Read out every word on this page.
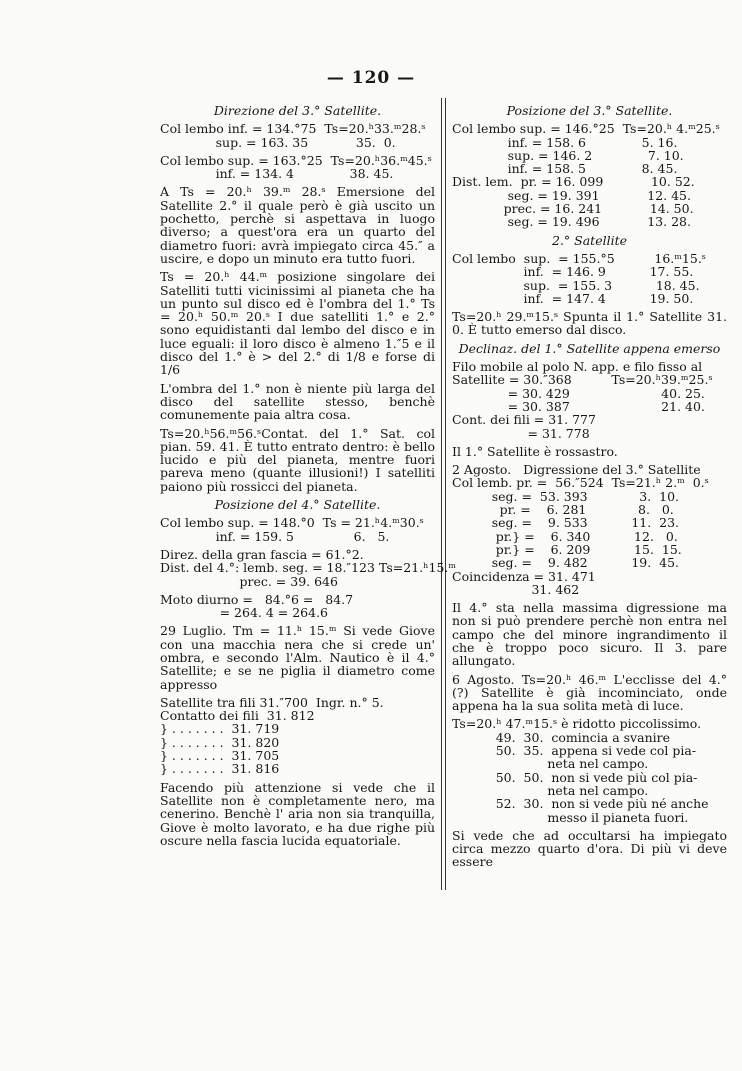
— 120 —
Direzione del 3.° Satellite.
Col lembo inf. = 134.°75  Ts=20.ʰ33.ᵐ28.ˢ
sup. = 163. 35            35.  0.
Col lembo sup. = 163.°25  Ts=20.ʰ36.ᵐ45.ˢ
inf. = 134. 4              38. 45.
A Ts = 20.ʰ 39.ᵐ 28.ˢ Emersione del Satellite 2.° il quale però è già uscito un pochetto, perchè si aspettava in luogo diverso; a quest'ora era un quarto del diametro fuori: avrà impiegato circa 45.″ a uscire, e dopo un minuto era tutto fuori.
Ts = 20.ʰ 44.ᵐ posizione singolare dei Satelliti tutti vicinissimi al pianeta che ha un punto sul disco ed è l'ombra del 1.° Ts = 20.ʰ 50.ᵐ 20.ˢ I due satelliti 1.° e 2.° sono equidistanti dal lembo del disco e in luce eguali: il loro disco è almeno 1.″5 e il disco del 1.° è > del 2.° di 1/8 e forse di 1/6
L'ombra del 1.° non è niente più larga del disco del satellite stesso, benchè comunemente paia altra cosa.
Ts=20.ʰ56.ᵐ56.ˢContat. del 1.° Sat. col pian. 59. 41. È tutto entrato dentro: è bello lucido e più del pianeta, mentre fuori pareva meno (quante illusioni!) I satelliti paiono più rossicci del pianeta.
Posizione del 4.° Satellite.
Col lembo sup. = 148.°0  Ts = 21.ʰ4.ᵐ30.ˢ
inf. = 159. 5               6.   5.
Direz. della gran fascia = 61.°2.
Dist. del 4.°: lemb. seg. = 18.″123 Ts=21.ʰ15.ᵐ
prec. = 39. 646
Moto diurno =   84.°6 =   84.7
= 264. 4 = 264.6
29 Luglio. Tm = 11.ʰ 15.ᵐ Si vede Giove con una macchia nera che si crede un' ombra, e secondo l'Alm. Nautico è il 4.° Satellite; e se ne piglia il diametro come appresso
Satellite tra fili 31.″700  Ingr. n.° 5.
Contatto dei fili  31. 812
} . . . . . . .  31. 719
} . . . . . . .  31. 820
} . . . . . . .  31. 705
} . . . . . . .  31. 816
Facendo più attenzione si vede che il Satellite non è completamente nero, ma cenerino. Benchè l' aria non sia tranquilla, Giove è molto lavorato, e ha due righe più oscure nella fascia lucida equatoriale.
Posizione del 3.° Satellite.
Col lembo sup. = 146.°25  Ts=20.ʰ 4.ᵐ25.ˢ
inf. = 158. 6              5. 16.
sup. = 146. 2              7. 10.
inf. = 158. 5              8. 45.
Dist. lem.  pr. = 16. 099            10. 52.
seg. = 19. 391            12. 45.
prec. = 16. 241            14. 50.
seg. = 19. 496            13. 28.
2.° Satellite
Col lembo  sup.  = 155.°5          16.ᵐ15.ˢ
inf.  = 146. 9           17. 55.
sup.  = 155. 3           18. 45.
inf.  = 147. 4           19. 50.
Ts=20.ʰ 29.ᵐ15.ˢ Spunta il 1.° Satellite 31. 0. È tutto emerso dal disco.
Declinaz. del 1.° Satellite appena emerso
Filo mobile al polo N. app. e filo fisso al
Satellite = 30.″368          Ts=20.ʰ39.ᵐ25.ˢ
= 30. 429                       40. 25.
= 30. 387                       21. 40.
Cont. dei fili = 31. 777
= 31. 778
Il 1.° Satellite è rossastro.
2 Agosto.   Digressione del 3.° Satellite
Col lemb. pr. =  56.″524  Ts=21.ʰ 2.ᵐ  0.ˢ
seg. =  53. 393             3.  10.
pr. =    6. 281             8.   0.
seg. =    9. 533           11.  23.
pr.} =    6. 340           12.   0.
pr.} =    6. 209           15.  15.
seg. =    9. 482           19.  45.
Coincidenza = 31. 471
31. 462
Il 4.° sta nella massima digressione ma non si può prendere perchè non entra nel campo che del minore ingrandimento il che è troppo poco sicuro. Il 3. pare allungato.
6 Agosto. Ts=20.ʰ 46.ᵐ L'ecclisse del 4.° (?) Satellite è già incominciato, onde appena ha la sua solita metà di luce.
Ts=20.ʰ 47.ᵐ15.ˢ è ridotto piccolissimo.
49.  30.  comincia a svanire
50.  35.  appena si vede col pia-
neta nel campo.
50.  50.  non si vede più col pia-
neta nel campo.
52.  30.  non si vede più né anche
messo il pianeta fuori.
Si vede che ad occultarsi ha impiegato circa mezzo quarto d'ora. Di più vi deve essere
